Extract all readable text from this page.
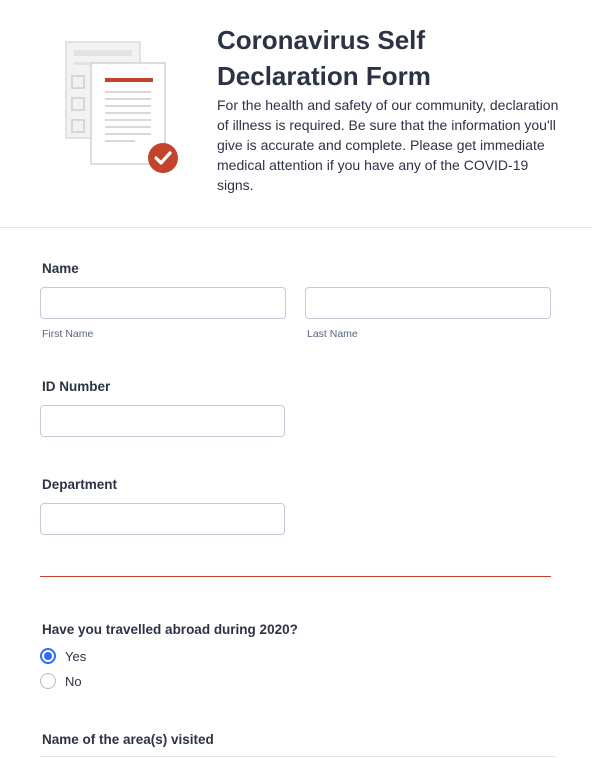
Coronavirus Self Declaration Form

For the health and safety of our community, declaration of illness is required. Be sure that the information you'll give is accurate and complete. Please get immediate medical attention if you have any of the COVID-19 signs.

Name
First Name	Last Name
ID Number
Department
Have you travelled abroad during 2020?
Yes
No
Name of the area(s) visited
